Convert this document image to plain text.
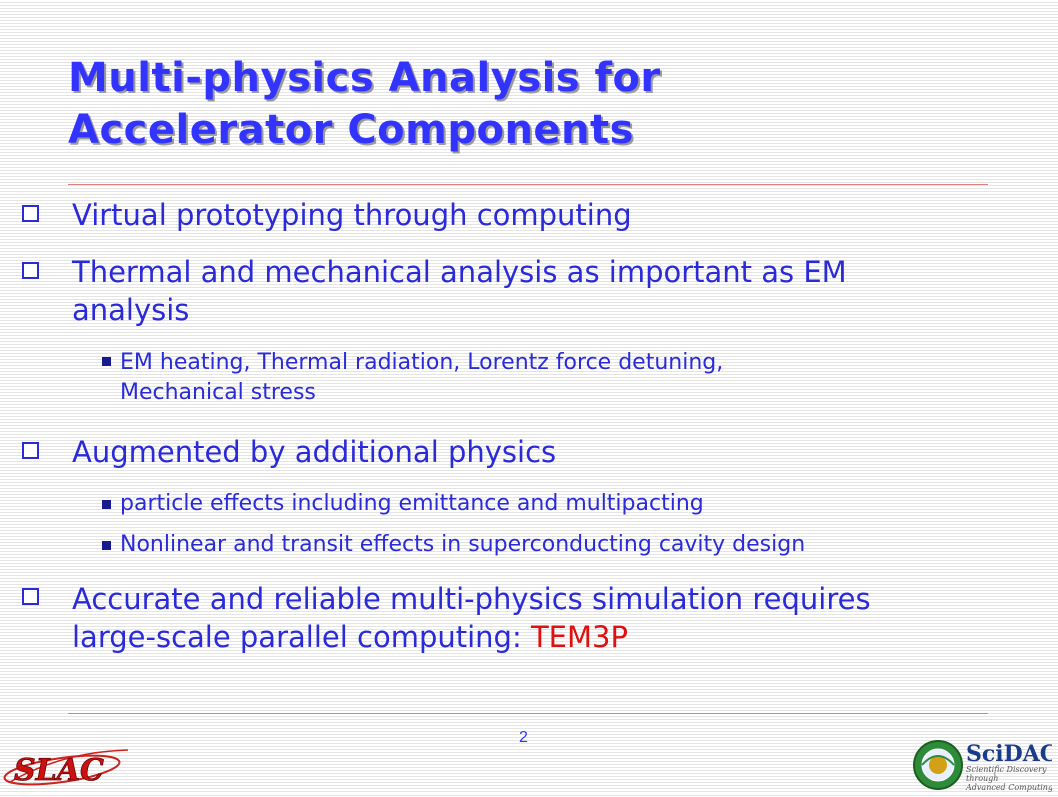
Multi-physics Analysis for
Accelerator Components
Virtual prototyping through computing
Thermal and mechanical analysis as important as EM
analysis
EM heating, Thermal radiation, Lorentz force detuning,
Mechanical stress
Augmented by additional physics
particle effects including emittance and multipacting
Nonlinear and transit effects in superconducting cavity design
Accurate and reliable multi-physics simulation requires
large-scale parallel computing: TEM3P
2
SLAC	SciDAC
Scientific Discovery
through
Advanced Computing
